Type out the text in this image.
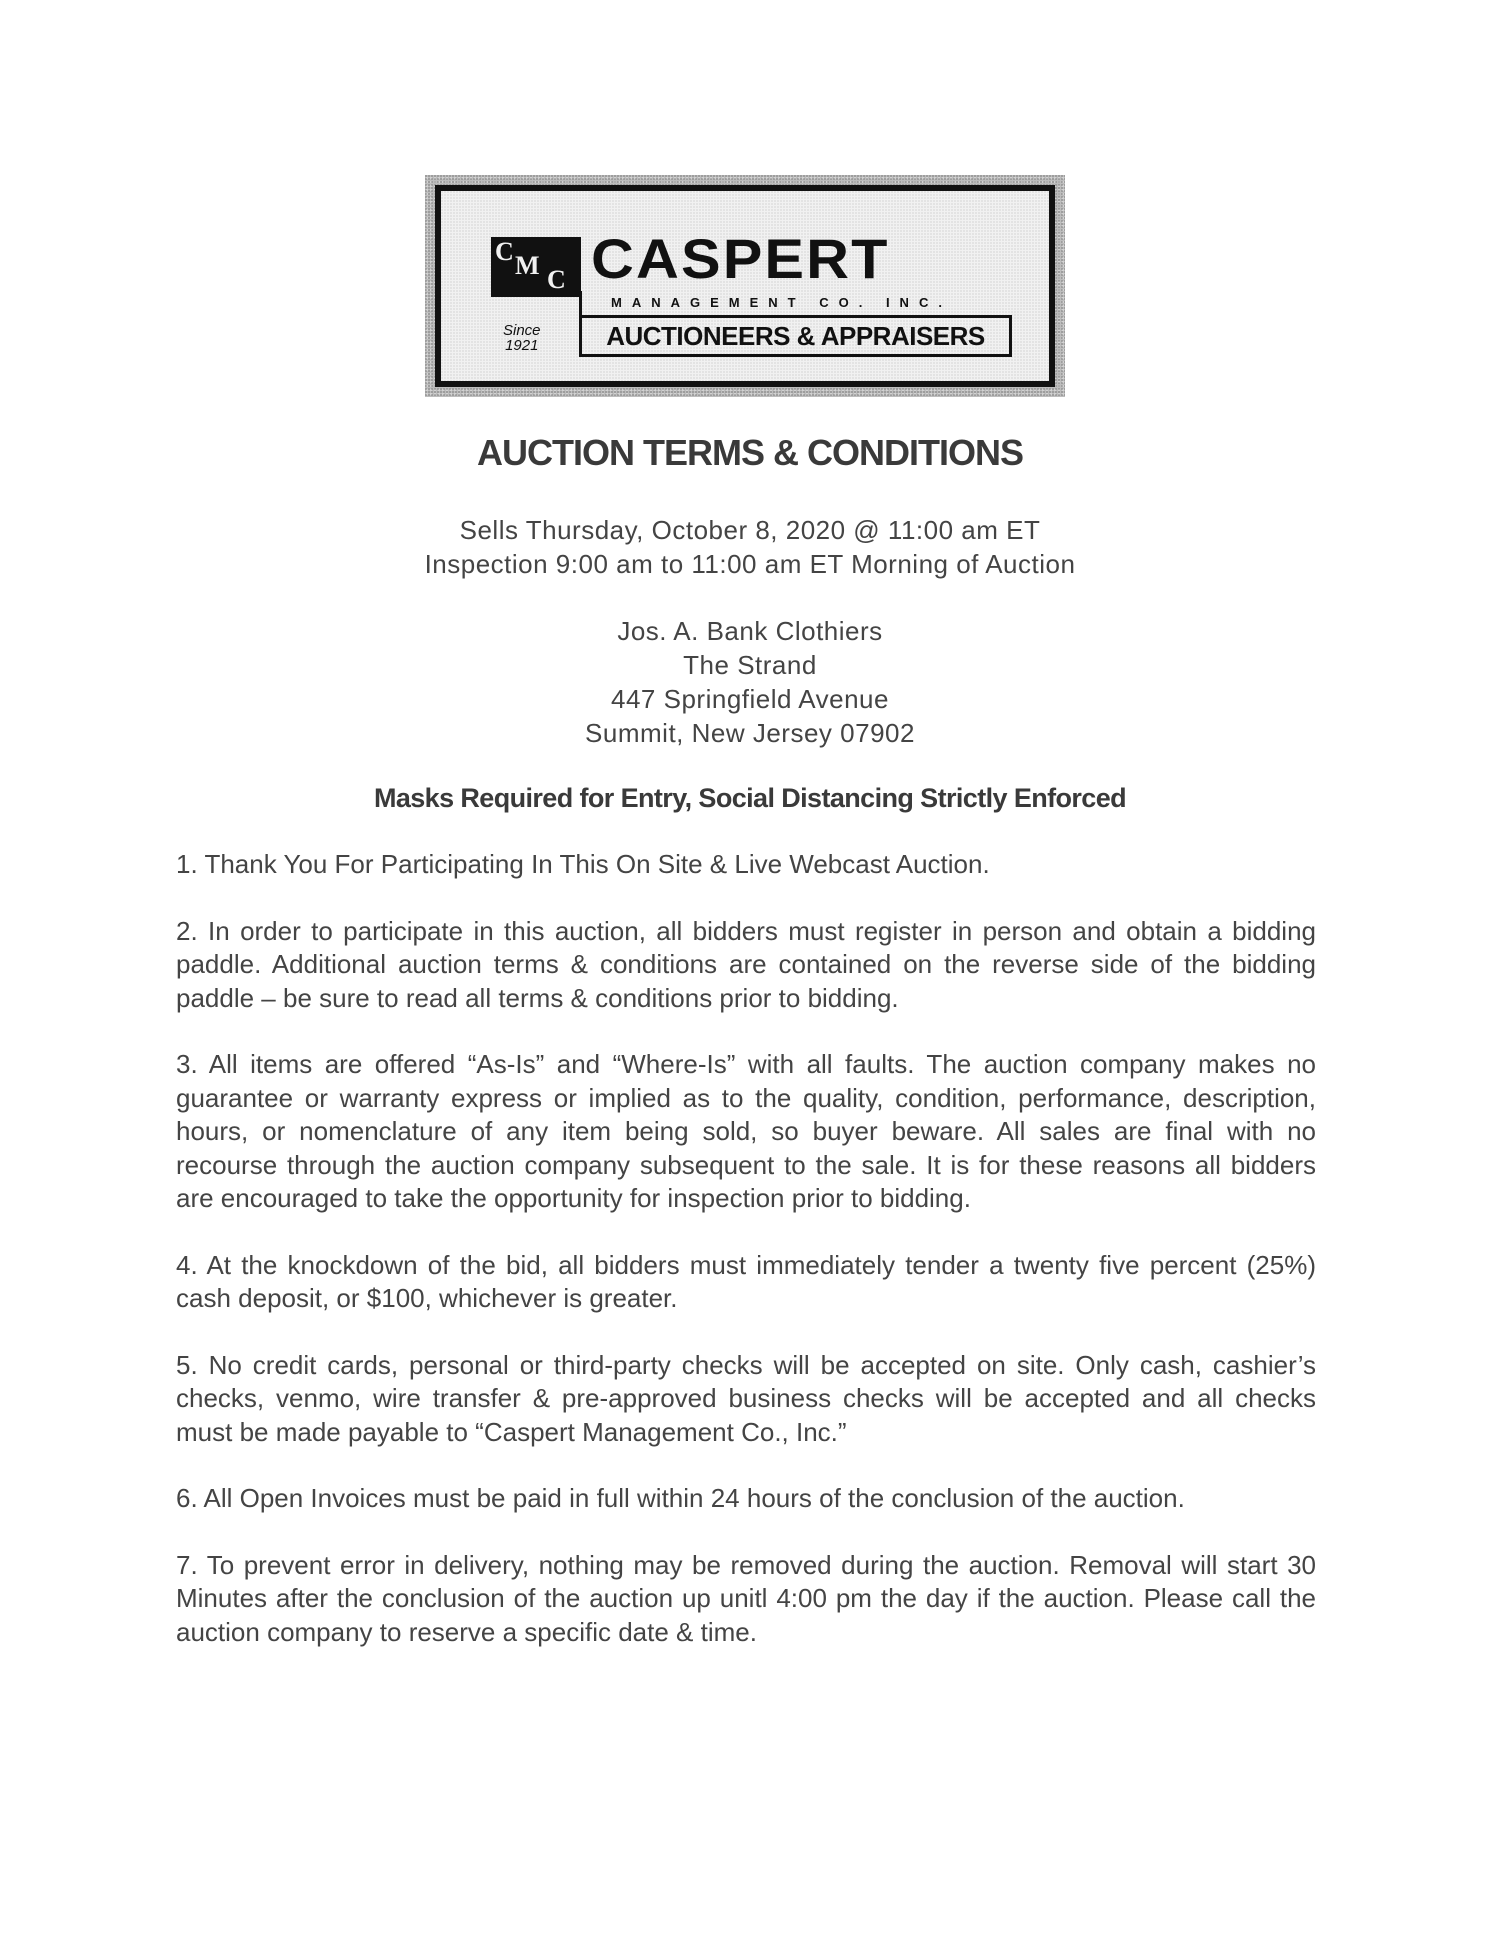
C M C CASPERT
MANAGEMENT CO. INC.
Since
1921	AUCTIONEERS & APPRAISERS
AUCTION TERMS & CONDITIONS
Sells Thursday, October 8, 2020 @ 11:00 am ET
Inspection 9:00 am to 11:00 am ET Morning of Auction
Jos. A. Bank Clothiers
The Strand
447 Springfield Avenue
Summit, New Jersey 07902
Masks Required for Entry, Social Distancing Strictly Enforced

1. Thank You For Participating In This On Site & Live Webcast Auction.

2. In order to participate in this auction, all bidders must register in person and obtain a bidding paddle. Additional auction terms & conditions are contained on the reverse side of the bidding paddle – be sure to read all terms & conditions prior to bidding.

3. All items are offered “As-Is” and “Where-Is” with all faults. The auction company makes no guarantee or warranty express or implied as to the quality, condition, performance, description, hours, or nomenclature of any item being sold, so buyer beware. All sales are final with no recourse through the auction company subsequent to the sale. It is for these reasons all bidders are encouraged to take the opportunity for inspection prior to bidding.

4. At the knockdown of the bid, all bidders must immediately tender a twenty five percent (25%) cash deposit, or $100, whichever is greater.

5. No credit cards, personal or third-party checks will be accepted on site. Only cash, cashier’s checks, venmo, wire transfer & pre-approved business checks will be accepted and all checks must be made payable to “Caspert Management Co., Inc.”

6. All Open Invoices must be paid in full within 24 hours of the conclusion of the auction.

7. To prevent error in delivery, nothing may be removed during the auction. Removal will start 30 Minutes after the conclusion of the auction up unitl 4:00 pm the day if the auction. Please call the auction company to reserve a specific date & time.
